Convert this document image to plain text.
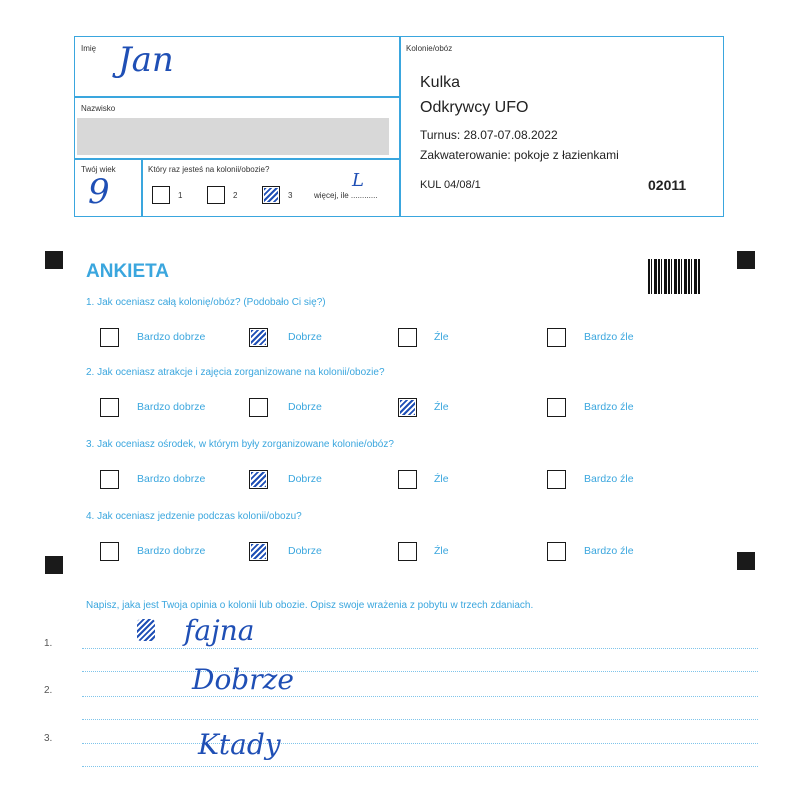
Imię Jan
Nazwisko
Twój wiek
9
Który raz jesteś na kolonii/obozie?
1	2	3	więcej, ile ............
L
Kolonie/obóz
Kulka
Odkrywcy UFO
Turnus: 28.07-07.08.2022
Zakwaterowanie: pokoje z łazienkami
KUL 04/08/1	02011
ANKIETA
1. Jak oceniasz całą kolonię/obóz? (Podobało Ci się?)
Bardzo dobrze	Dobrze	Źle	Bardzo źle
2. Jak oceniasz atrakcje i zajęcia zorganizowane na kolonii/obozie?
Bardzo dobrze	Dobrze	Źle	Bardzo źle
3. Jak oceniasz ośrodek, w którym były zorganizowane kolonie/obóz?
Bardzo dobrze	Dobrze	Źle	Bardzo źle
4. Jak oceniasz jedzenie podczas kolonii/obozu?
Bardzo dobrze	Dobrze	Źle	Bardzo źle
Napisz, jaka jest Twoja opinia o kolonii lub obozie. Opisz swoje wrażenia z pobytu w trzech zdaniach.
1.
2.
3.
fajna
Dobrze
Ktady
